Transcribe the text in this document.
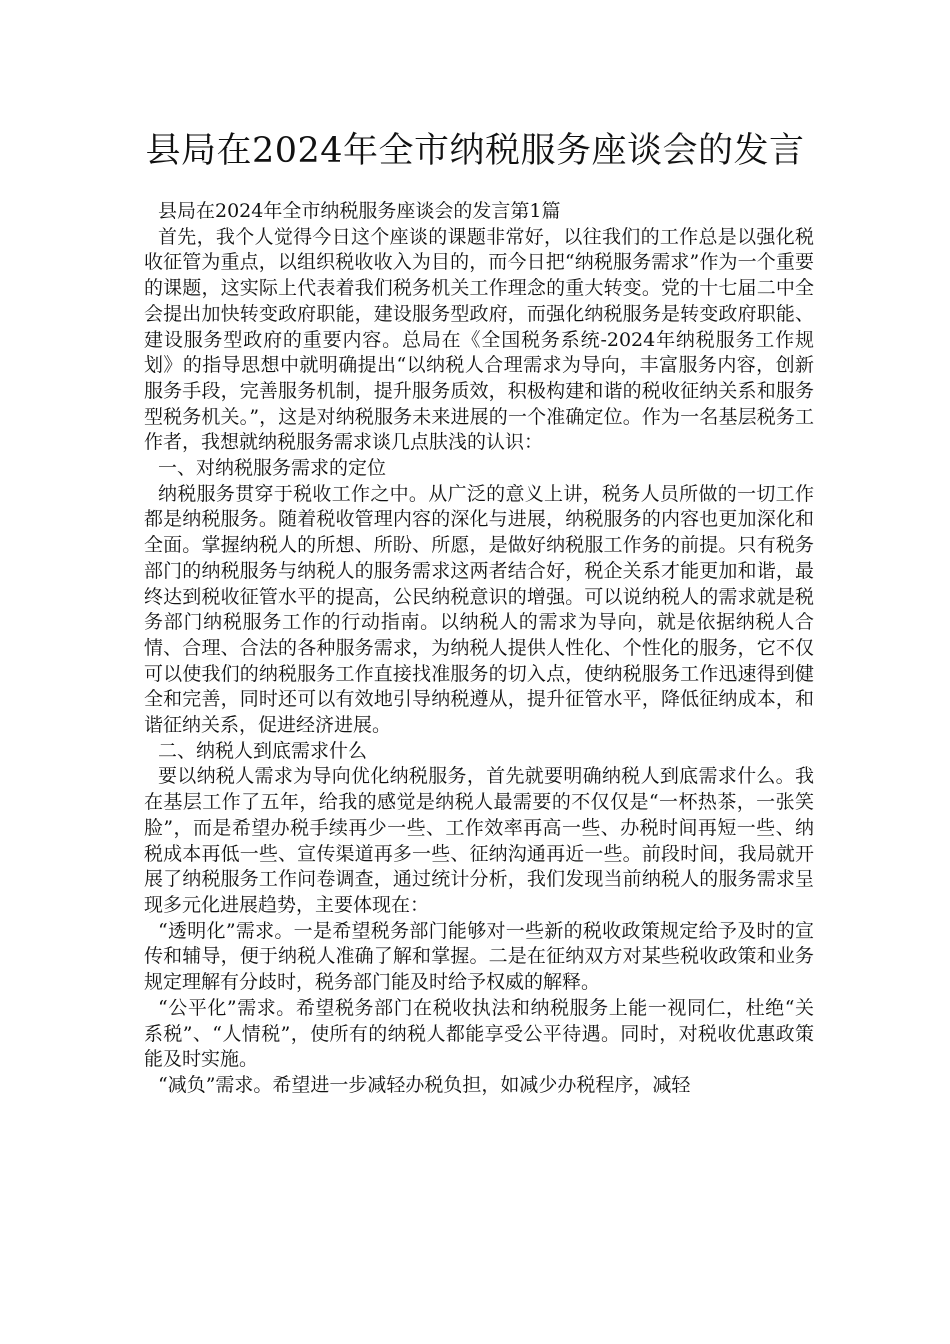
县局在2024年全市纳税服务座谈会的发言

县局在2024年全市纳税服务座谈会的发言第1篇

首先，我个人觉得今日这个座谈的课题非常好，以往我们的工作总是以强化税收征管为重点，以组织税收收入为目的，而今日把“纳税服务需求”作为一个重要的课题，这实际上代表着我们税务机关工作理念的重大转变。党的十七届二中全会提出加快转变政府职能，建设服务型政府，而强化纳税服务是转变政府职能、建设服务型政府的重要内容。总局在《全国税务系统-2024年纳税服务工作规划》的指导思想中就明确提出“以纳税人合理需求为导向，丰富服务内容，创新服务手段，完善服务机制，提升服务质效，积极构建和谐的税收征纳关系和服务型税务机关。”，这是对纳税服务未来进展的一个准确定位。作为一名基层税务工作者，我想就纳税服务需求谈几点肤浅的认识：

一、对纳税服务需求的定位

纳税服务贯穿于税收工作之中。从广泛的意义上讲，税务人员所做的一切工作都是纳税服务。随着税收管理内容的深化与进展，纳税服务的内容也更加深化和全面。掌握纳税人的所想、所盼、所愿，是做好纳税服工作务的前提。只有税务部门的纳税服务与纳税人的服务需求这两者结合好，税企关系才能更加和谐，最终达到税收征管水平的提高，公民纳税意识的增强。可以说纳税人的需求就是税务部门纳税服务工作的行动指南。以纳税人的需求为导向，就是依据纳税人合情、合理、合法的各种服务需求，为纳税人提供人性化、个性化的服务，它不仅可以使我们的纳税服务工作直接找准服务的切入点，使纳税服务工作迅速得到健全和完善，同时还可以有效地引导纳税遵从，提升征管水平，降低征纳成本，和谐征纳关系，促进经济进展。

二、纳税人到底需求什么

要以纳税人需求为导向优化纳税服务，首先就要明确纳税人到底需求什么。我在基层工作了五年，给我的感觉是纳税人最需要的不仅仅是“一杯热茶，一张笑脸”，而是希望办税手续再少一些、工作效率再高一些、办税时间再短一些、纳税成本再低一些、宣传渠道再多一些、征纳沟通再近一些。前段时间，我局就开展了纳税服务工作问卷调查，通过统计分析，我们发现当前纳税人的服务需求呈现多元化进展趋势，主要体现在：

“透明化”需求。一是希望税务部门能够对一些新的税收政策规定给予及时的宣传和辅导，便于纳税人准确了解和掌握。二是在征纳双方对某些税收政策和业务规定理解有分歧时，税务部门能及时给予权威的解释。

“公平化”需求。希望税务部门在税收执法和纳税服务上能一视同仁，杜绝“关系税”、“人情税”，使所有的纳税人都能享受公平待遇。同时，对税收优惠政策能及时实施。

“减负”需求。希望进一步减轻办税负担，如减少办税程序，减轻
